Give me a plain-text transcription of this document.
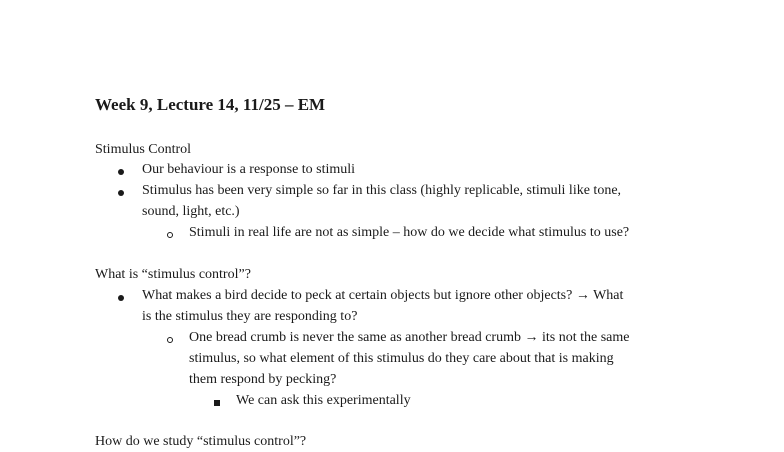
Week 9, Lecture 14, 11/25 – EM
Stimulus Control
Our behaviour is a response to stimuli
Stimulus has been very simple so far in this class (highly replicable, stimuli like tone,
sound, light, etc.)
Stimuli in real life are not as simple – how do we decide what stimulus to use?
What is “stimulus control”?
What makes a bird decide to peck at certain objects but ignore other objects? → What
is the stimulus they are responding to?
One bread crumb is never the same as another bread crumb → its not the same
stimulus, so what element of this stimulus do they care about that is making
them respond by pecking?
We can ask this experimentally
How do we study “stimulus control”?
